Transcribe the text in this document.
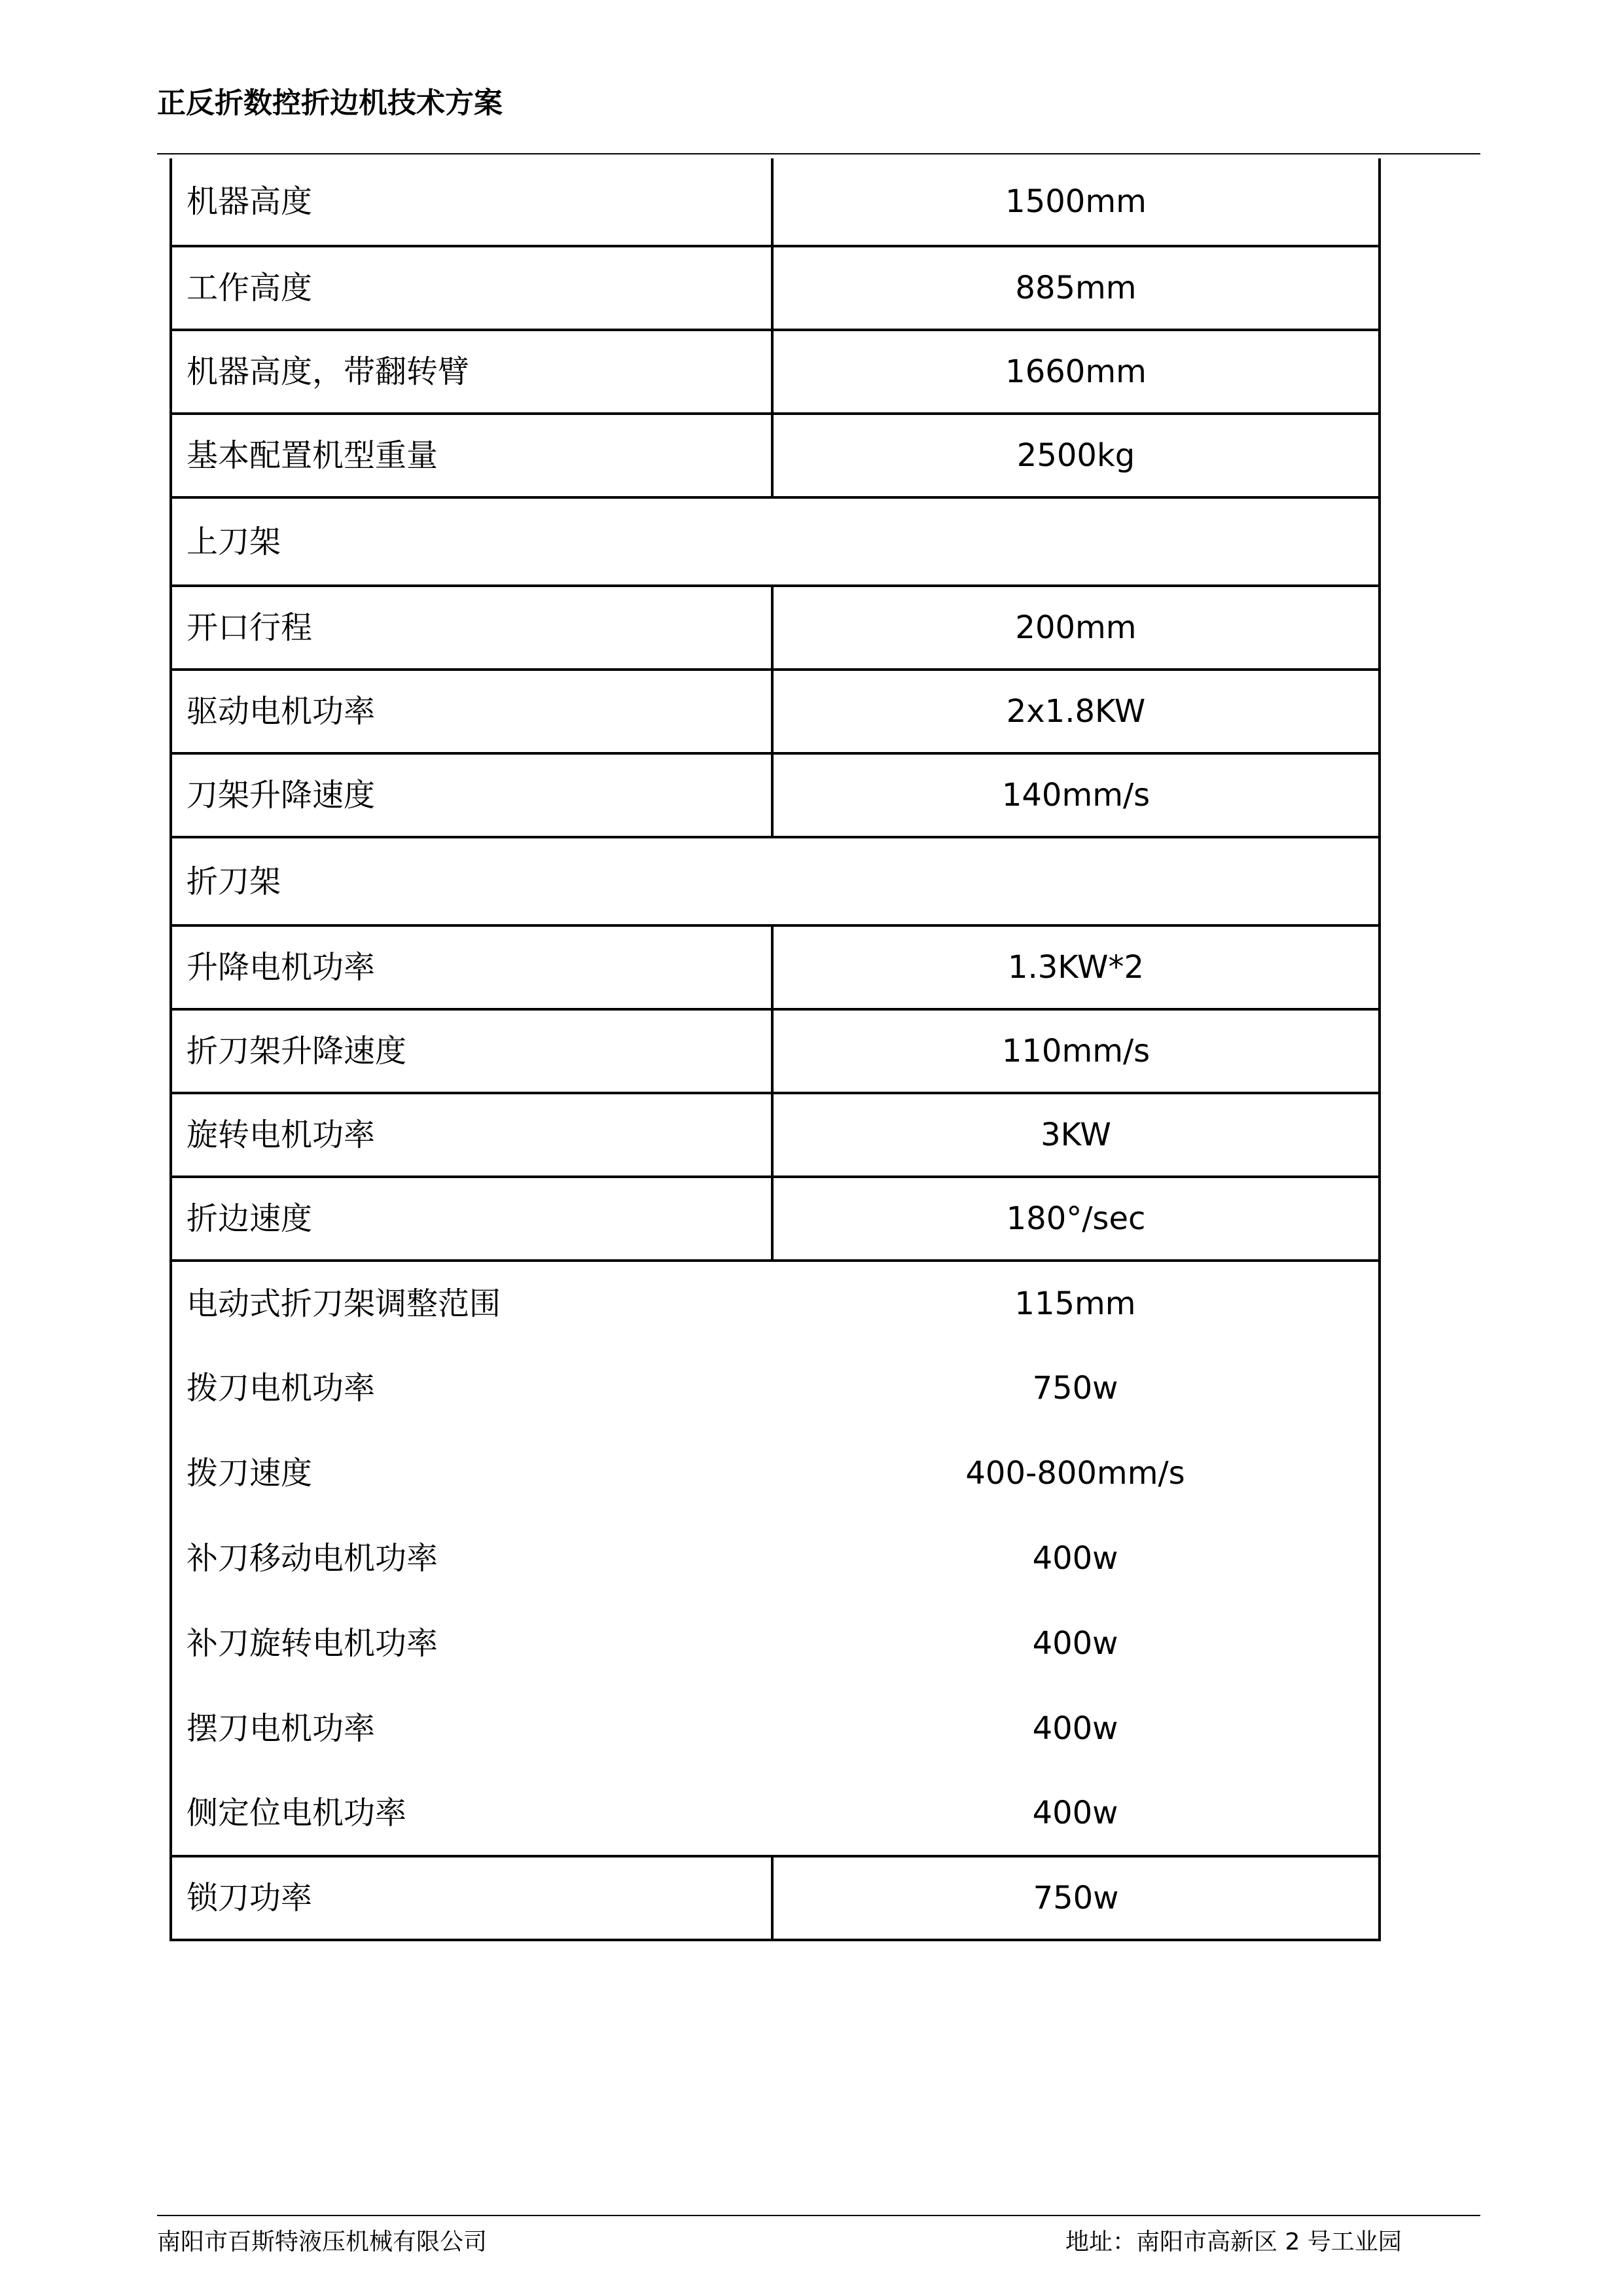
正反折数控折边机技术方案
机器高度	1500mm
工作高度	885mm
机器高度，带翻转臂	1660mm
基本配置机型重量	2500kg
上刀架	
开口行程	200mm
驱动电机功率	2x1.8KW
刀架升降速度	140mm/s
折刀架	
升降电机功率	1.3KW*2
折刀架升降速度	110mm/s
旋转电机功率	3KW
折边速度	180°/sec
电动式折刀架调整范围	115mm
拨刀电机功率	750w
拨刀速度	400-800mm/s
补刀移动电机功率	400w
补刀旋转电机功率	400w
摆刀电机功率	400w
侧定位电机功率	400w
锁刀功率	750w
南阳市百斯特液压机械有限公司	地址：南阳市高新区 2 号工业园
